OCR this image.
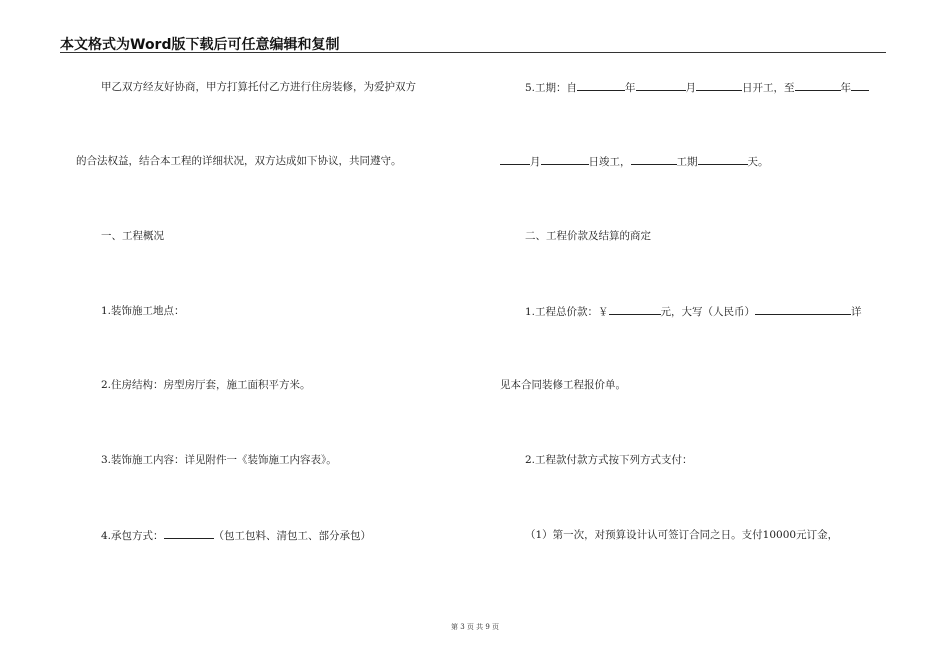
本文格式为Word版下载后可任意编辑和复制
甲乙双方经友好协商，甲方打算托付乙方进行住房装修，为爱护双方
的合法权益，结合本工程的详细状况，双方达成如下协议，共同遵守。
一、工程概况
1.装饰施工地点：
2.住房结构：房型房厅套，施工面积平方米。
3.装饰施工内容：详见附件一《装饰施工内容表》。
4.承包方式：	（包工包料、清包工、部分承包）
5.工期：自	年	月	日开工，至	年
月	日竣工，	工期	天。
二、工程价款及结算的商定
1.工程总价款：￥	元，大写（人民币）	详
见本合同装修工程报价单。
2.工程款付款方式按下列方式支付：
（1）第一次，对预算设计认可签订合同之日。支付10000元订金，
第 3 页 共 9 页
